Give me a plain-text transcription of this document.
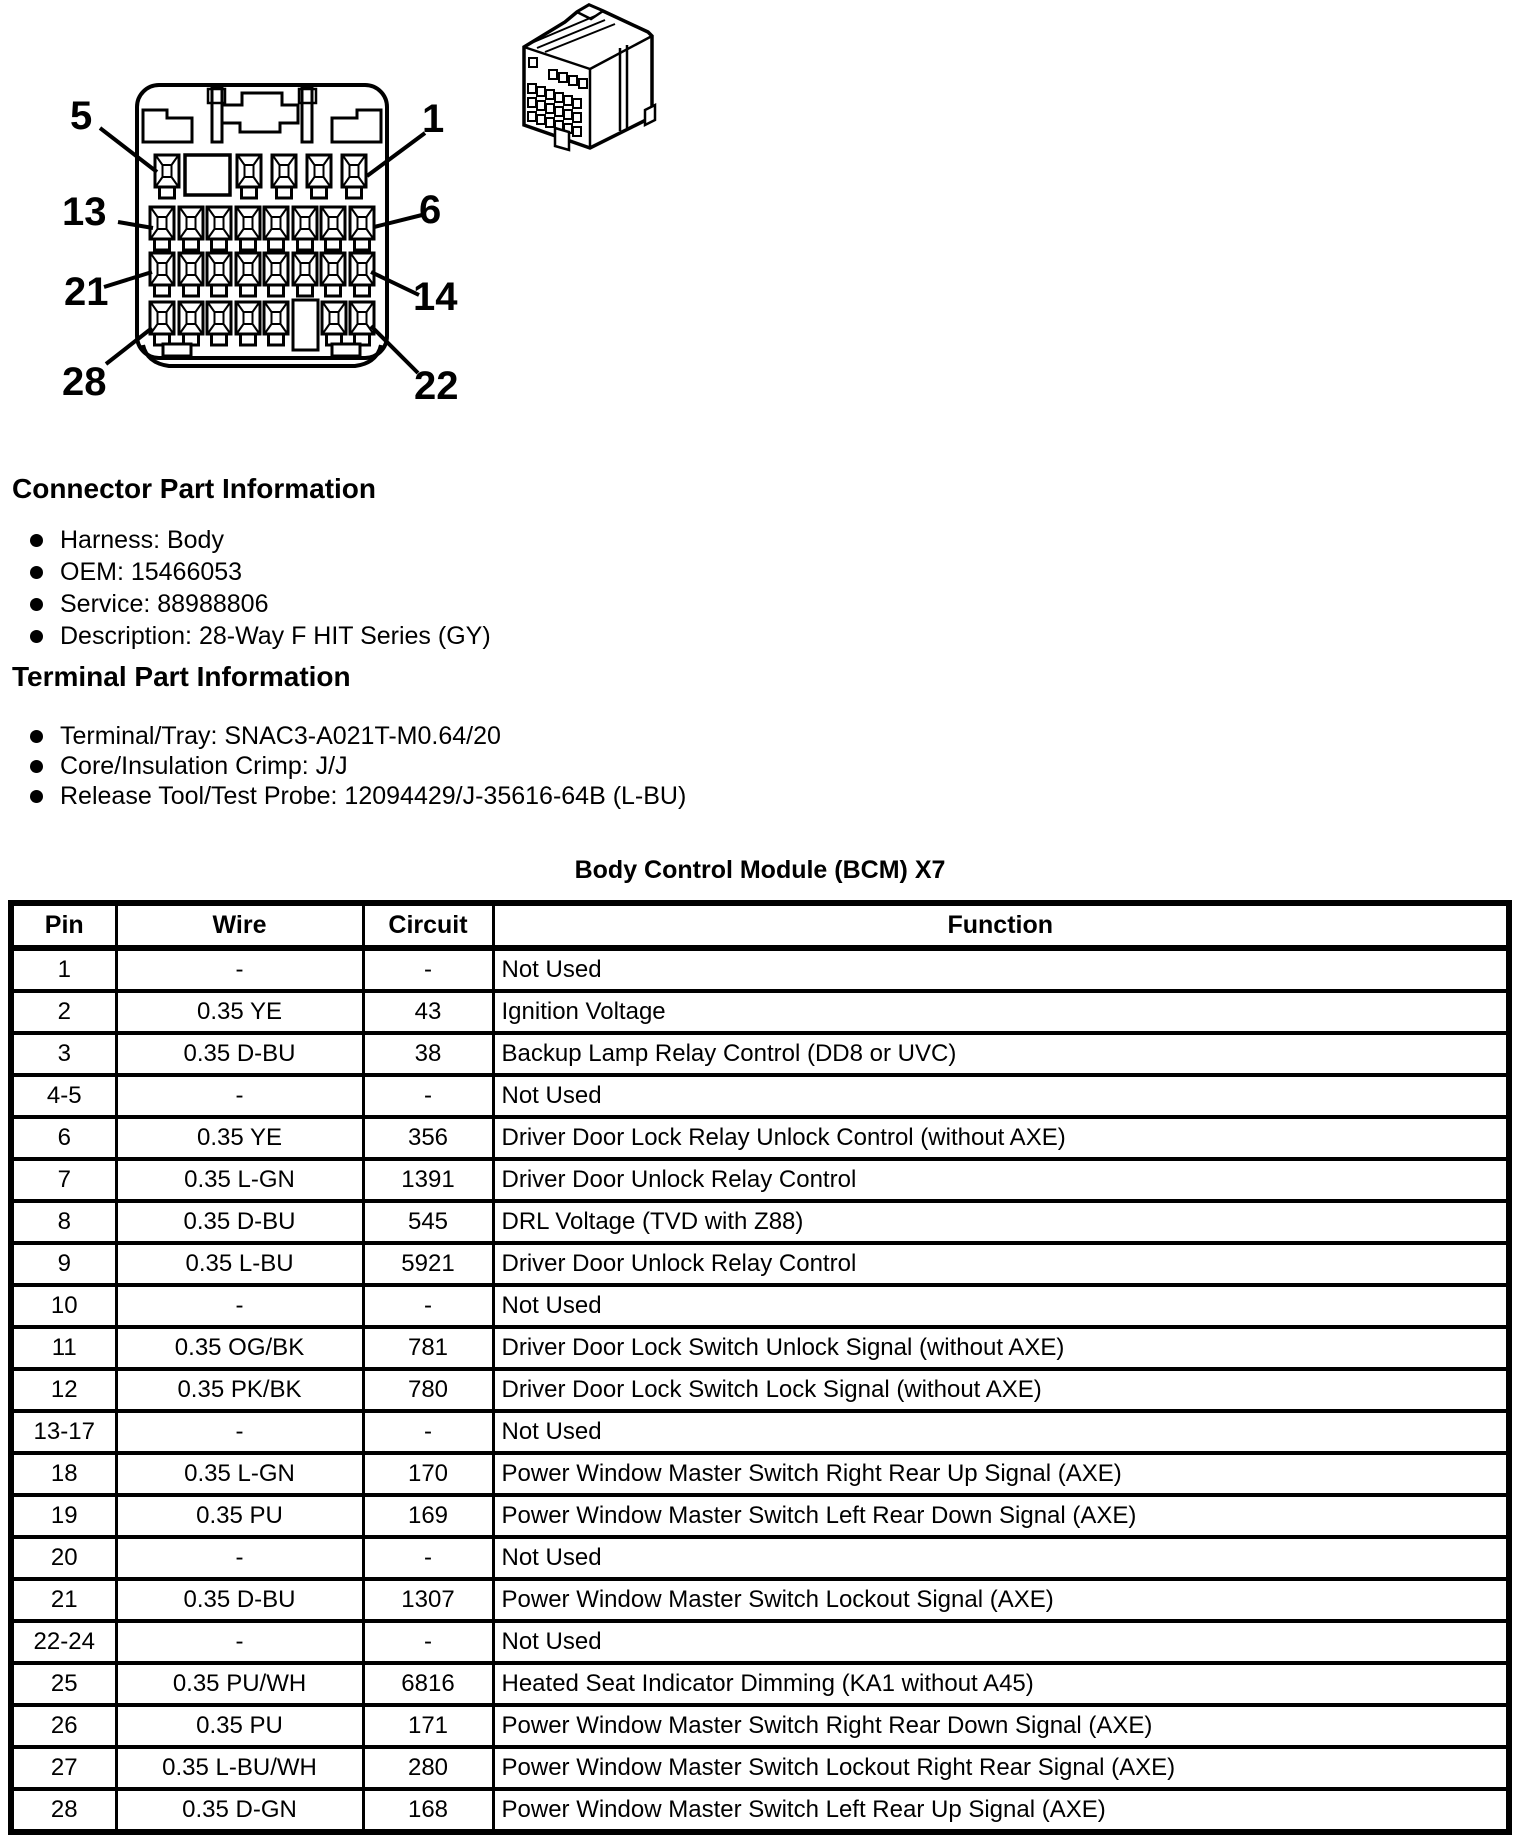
5	1
13	6
21	14
28	22
Connector Part Information
Harness: Body
OEM: 15466053
Service: 88988806
Description: 28-Way F HIT Series (GY)
Terminal Part Information
Terminal/Tray: SNAC3-A021T-M0.64/20
Core/Insulation Crimp: J/J
Release Tool/Test Probe: 12094429/J-35616-64B (L-BU)
Body Control Module (BCM) X7
Pin	Wire	Circuit	Function
1	-	-	Not Used
2	0.35 YE	43	Ignition Voltage
3	0.35 D-BU	38	Backup Lamp Relay Control (DD8 or UVC)
4-5	-	-	Not Used
6	0.35 YE	356	Driver Door Lock Relay Unlock Control (without AXE)
7	0.35 L-GN	1391	Driver Door Unlock Relay Control
8	0.35 D-BU	545	DRL Voltage (TVD with Z88)
9	0.35 L-BU	5921	Driver Door Unlock Relay Control
10	-	-	Not Used
11	0.35 OG/BK	781	Driver Door Lock Switch Unlock Signal (without AXE)
12	0.35 PK/BK	780	Driver Door Lock Switch Lock Signal (without AXE)
13-17	-	-	Not Used
18	0.35 L-GN	170	Power Window Master Switch Right Rear Up Signal (AXE)
19	0.35 PU	169	Power Window Master Switch Left Rear Down Signal (AXE)
20	-	-	Not Used
21	0.35 D-BU	1307	Power Window Master Switch Lockout Signal (AXE)
22-24	-	-	Not Used
25	0.35 PU/WH	6816	Heated Seat Indicator Dimming (KA1 without A45)
26	0.35 PU	171	Power Window Master Switch Right Rear Down Signal (AXE)
27	0.35 L-BU/WH	280	Power Window Master Switch Lockout Right Rear Signal (AXE)
28	0.35 D-GN	168	Power Window Master Switch Left Rear Up Signal (AXE)
